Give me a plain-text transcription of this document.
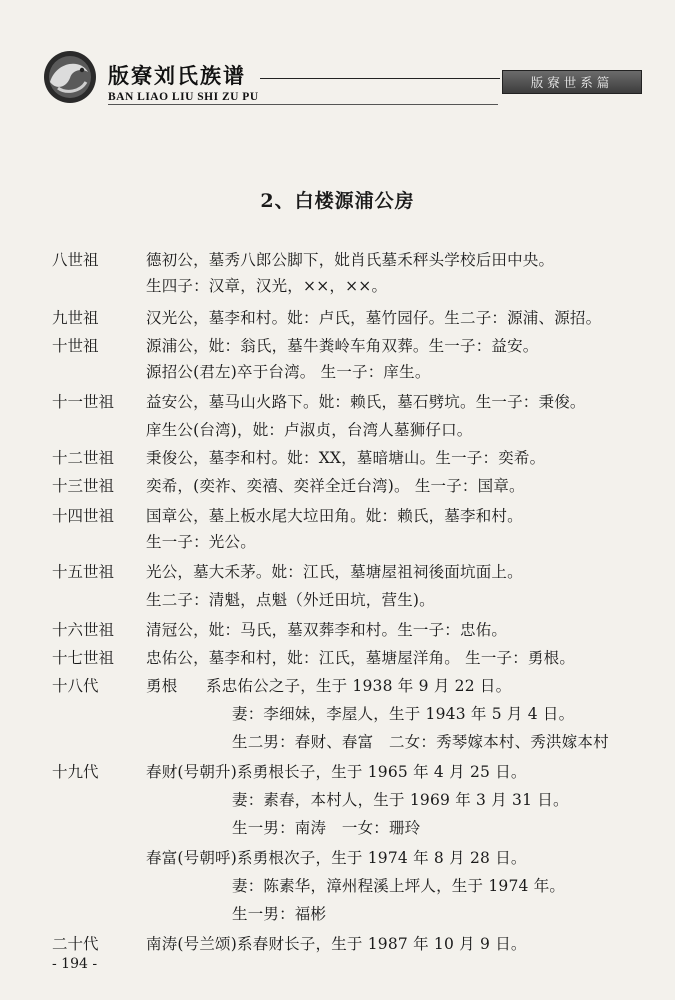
版寮刘氏族谱
BAN LIAO LIU SHI ZU PU
版寮世系篇
2、白楼源浦公房
八世祖	德初公，墓秀八郎公脚下，妣肖氏墓禾秤头学校后田中央。
生四子：汉章，汉光，××，××。
九世祖	汉光公，墓李和村。妣：卢氏，墓竹园仔。生二子：源浦、源招。
十世祖	源浦公，妣：翁氏，墓牛粪岭车角双葬。生一子：益安。
源招公(君左)卒于台湾。 生一子：庠生。
十一世祖 益安公，墓马山火路下。妣：赖氏，墓石劈坑。生一子：秉俊。
庠生公(台湾)，妣：卢淑贞，台湾人墓狮仔口。
十二世祖 秉俊公，墓李和村。妣：XX，墓暗塘山。生一子：奕希。
十三世祖 奕希，(奕祚、奕禧、奕祥全迁台湾)。 生一子：国章。
十四世祖 国章公，墓上板水尾大垃田角。妣：赖氏，墓李和村。
生一子：光公。
十五世祖 光公，墓大禾茅。妣：江氏，墓塘屋祖祠後面坑面上。
生二子：清魁，点魁（外迁田坑，营生)。
十六世祖 清冠公，妣：马氏，墓双葬李和村。生一子：忠佑。
十七世祖 忠佑公，墓李和村，妣：江氏，墓塘屋洋角。 生一子：勇根。
十八代	勇根 系忠佑公之子，生于 1938 年 9 月 22 日。
妻：李细妹，李屋人，生于 1943 年 5 月 4 日。
生二男：春财、春富　二女：秀琴嫁本村、秀洪嫁本村
十九代	春财(号朝升)系勇根长子，生于 1965 年 4 月 25 日。
妻：素春，本村人，生于 1969 年 3 月 31 日。
生一男：南涛　一女：珊玲
春富(号朝呼)系勇根次子，生于 1974 年 8 月 28 日。
妻：陈素华，漳州程溪上坪人，生于 1974 年。
生一男：福彬
二十代	南涛(号兰颂)系春财长子，生于 1987 年 10 月 9 日。
- 194 -
